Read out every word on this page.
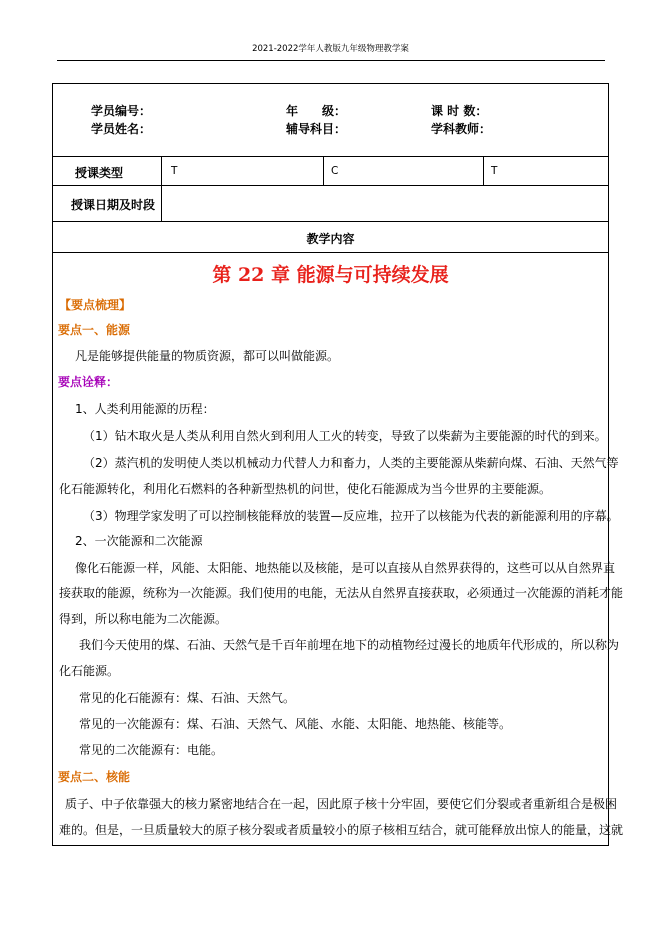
2021-2022学年人教版九年级物理教学案
学员编号：	年　　级：	课 时 数：
学员姓名：	辅导科目：	学科教师：
授课类型	T	C	T
授课日期及时段
教学内容
第 22 章 能源与可持续发展
【要点梳理】
要点一、能源
凡是能够提供能量的物质资源，都可以叫做能源。
要点诠释：
1、人类利用能源的历程：
（1）钻木取火是人类从利用自然火到利用人工火的转变，导致了以柴薪为主要能源的时代的到来。
（2）蒸汽机的发明使人类以机械动力代替人力和畜力，人类的主要能源从柴薪向煤、石油、天然气等
化石能源转化，利用化石燃料的各种新型热机的问世，使化石能源成为当今世界的主要能源。
（3）物理学家发明了可以控制核能释放的装置—反应堆，拉开了以核能为代表的新能源利用的序幕。
2、一次能源和二次能源
像化石能源一样，风能、太阳能、地热能以及核能，是可以直接从自然界获得的，这些可以从自然界直
接获取的能源，统称为一次能源。我们使用的电能，无法从自然界直接获取，必须通过一次能源的消耗才能
得到，所以称电能为二次能源。
我们今天使用的煤、石油、天然气是千百年前埋在地下的动植物经过漫长的地质年代形成的，所以称为
化石能源。
常见的化石能源有：煤、石油、天然气。
常见的一次能源有：煤、石油、天然气、风能、水能、太阳能、地热能、核能等。
常见的二次能源有：电能。
要点二、核能
质子、中子依靠强大的核力紧密地结合在一起，因此原子核十分牢固，要使它们分裂或者重新组合是极困
难的。但是，一旦质量较大的原子核分裂或者质量较小的原子核相互结合，就可能释放出惊人的能量，这就
